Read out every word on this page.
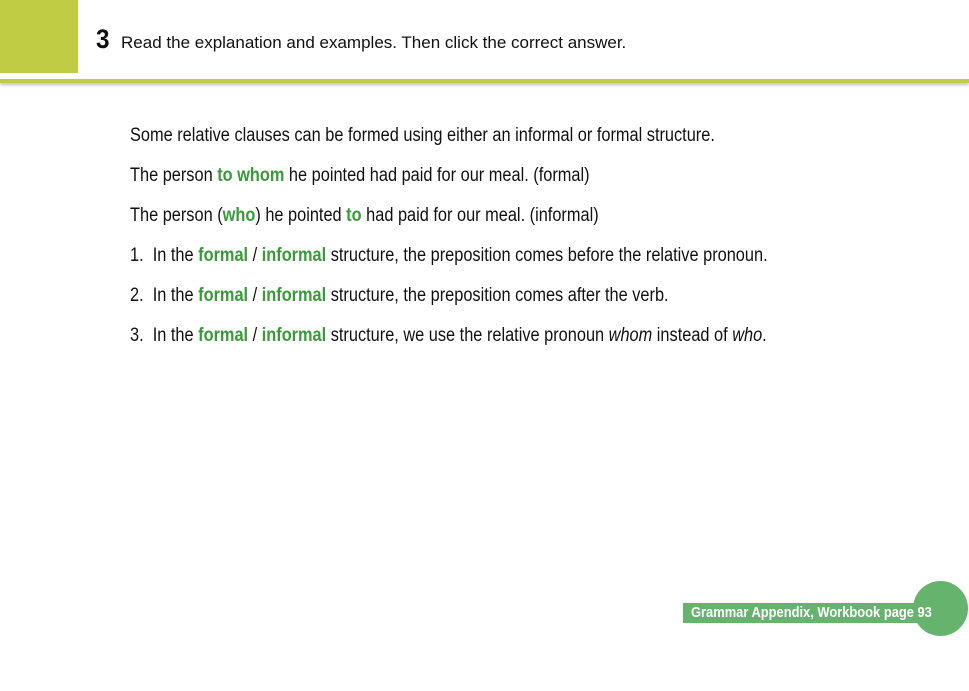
3 Read the explanation and examples. Then click the correct answer.
Some relative clauses can be formed using either an informal or formal structure.
The person to whom he pointed had paid for our meal. (formal)
The person (who) he pointed to had paid for our meal. (informal)
1. In the formal / informal structure, the preposition comes before the relative pronoun.
2. In the formal / informal structure, the preposition comes after the verb.
3. In the formal / informal structure, we use the relative pronoun whom instead of who.
Grammar Appendix, Workbook page 93
